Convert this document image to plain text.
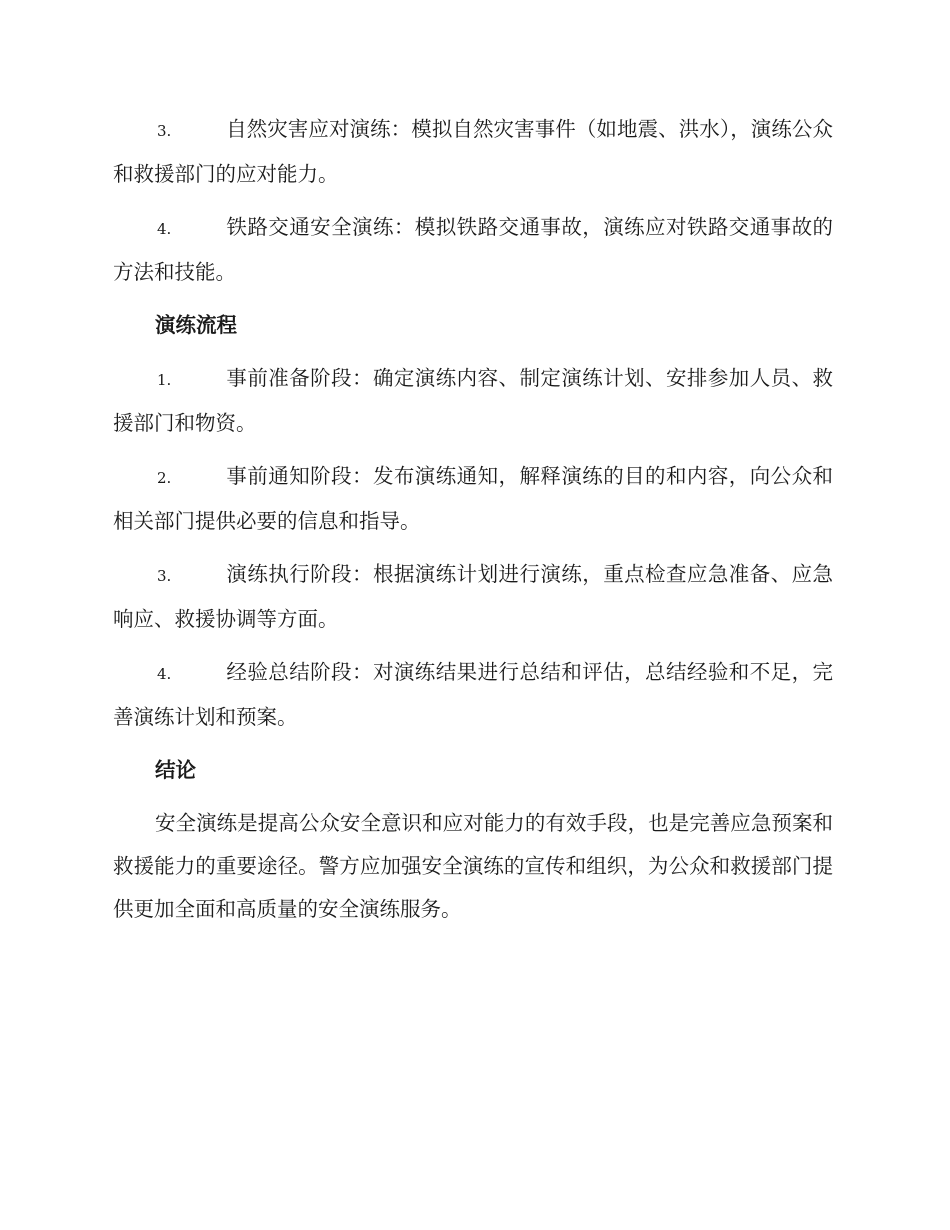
3.	自然灾害应对演练：模拟自然灾害事件（如地震、洪水），演练公众和救援部门的应对能力。
4.	铁路交通安全演练：模拟铁路交通事故，演练应对铁路交通事故的方法和技能。
演练流程
1.	事前准备阶段：确定演练内容、制定演练计划、安排参加人员、救援部门和物资。
2.	事前通知阶段：发布演练通知，解释演练的目的和内容，向公众和相关部门提供必要的信息和指导。
3.	演练执行阶段：根据演练计划进行演练，重点检查应急准备、应急响应、救援协调等方面。
4.	经验总结阶段：对演练结果进行总结和评估，总结经验和不足，完善演练计划和预案。
结论

安全演练是提高公众安全意识和应对能力的有效手段，也是完善应急预案和救援能力的重要途径。警方应加强安全演练的宣传和组织，为公众和救援部门提供更加全面和高质量的安全演练服务。
